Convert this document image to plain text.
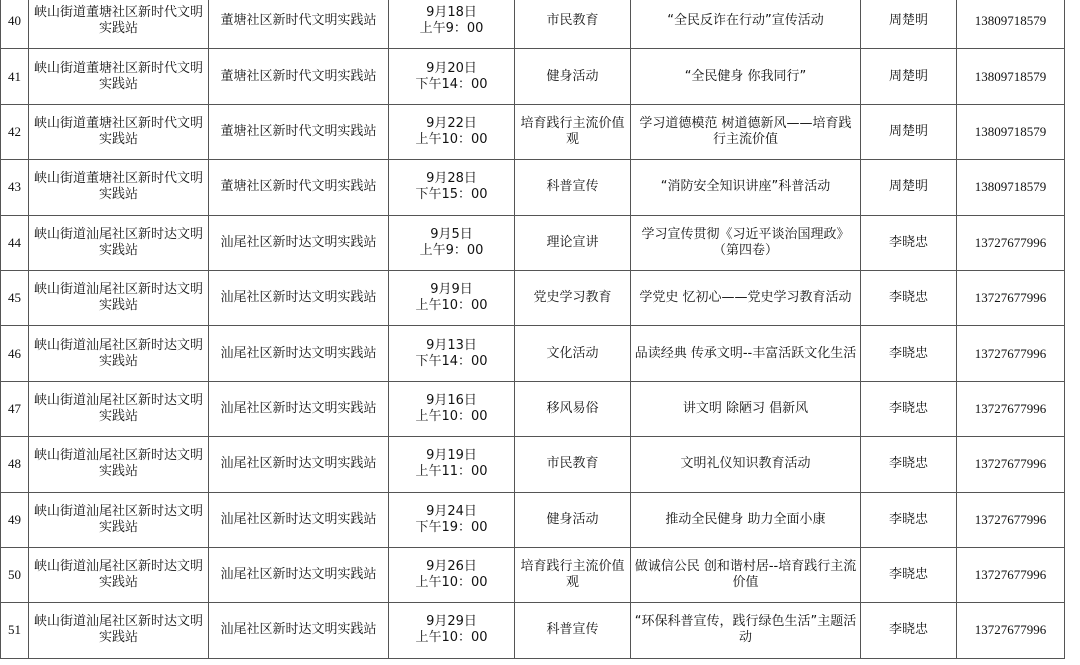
40	峡山街道董塘社区新时代文明实践站	董塘社区新时代文明实践站	9月18日
上午9：00	市民教育	“全民反诈在行动”宣传活动	周楚明	13809718579
41	峡山街道董塘社区新时代文明实践站	董塘社区新时代文明实践站	9月20日
下午14：00	健身活动	“全民健身 你我同行”	周楚明	13809718579
42	峡山街道董塘社区新时代文明实践站	董塘社区新时代文明实践站	9月22日
上午10：00	培育践行主流价值观	学习道德模范 树道德新风——培育践行主流价值	周楚明	13809718579
43	峡山街道董塘社区新时代文明实践站	董塘社区新时代文明实践站	9月28日
下午15：00	科普宣传	“消防安全知识讲座”科普活动	周楚明	13809718579
44	峡山街道汕尾社区新时达文明实践站	汕尾社区新时达文明实践站	9月5日
上午9：00	理论宣讲	学习宣传贯彻《习近平谈治国理政》（第四卷）	李晓忠	13727677996
45	峡山街道汕尾社区新时达文明实践站	汕尾社区新时达文明实践站	9月9日
上午10：00	党史学习教育	学党史 忆初心——党史学习教育活动	李晓忠	13727677996
46	峡山街道汕尾社区新时达文明实践站	汕尾社区新时达文明实践站	9月13日
下午14：00	文化活动	品读经典 传承文明--丰富活跃文化生活	李晓忠	13727677996
47	峡山街道汕尾社区新时达文明实践站	汕尾社区新时达文明实践站	9月16日
上午10：00	移风易俗	讲文明 除陋习 倡新风	李晓忠	13727677996
48	峡山街道汕尾社区新时达文明实践站	汕尾社区新时达文明实践站	9月19日
上午11：00	市民教育	文明礼仪知识教育活动	李晓忠	13727677996
49	峡山街道汕尾社区新时达文明实践站	汕尾社区新时达文明实践站	9月24日
下午19：00	健身活动	推动全民健身 助力全面小康	李晓忠	13727677996
50	峡山街道汕尾社区新时达文明实践站	汕尾社区新时达文明实践站	9月26日
上午10：00	培育践行主流价值观	做诚信公民 创和谐村居--培育践行主流价值	李晓忠	13727677996
51	峡山街道汕尾社区新时达文明实践站	汕尾社区新时达文明实践站	9月29日
上午10：00	科普宣传	“环保科普宣传，践行绿色生活”主题活动	李晓忠	13727677996
